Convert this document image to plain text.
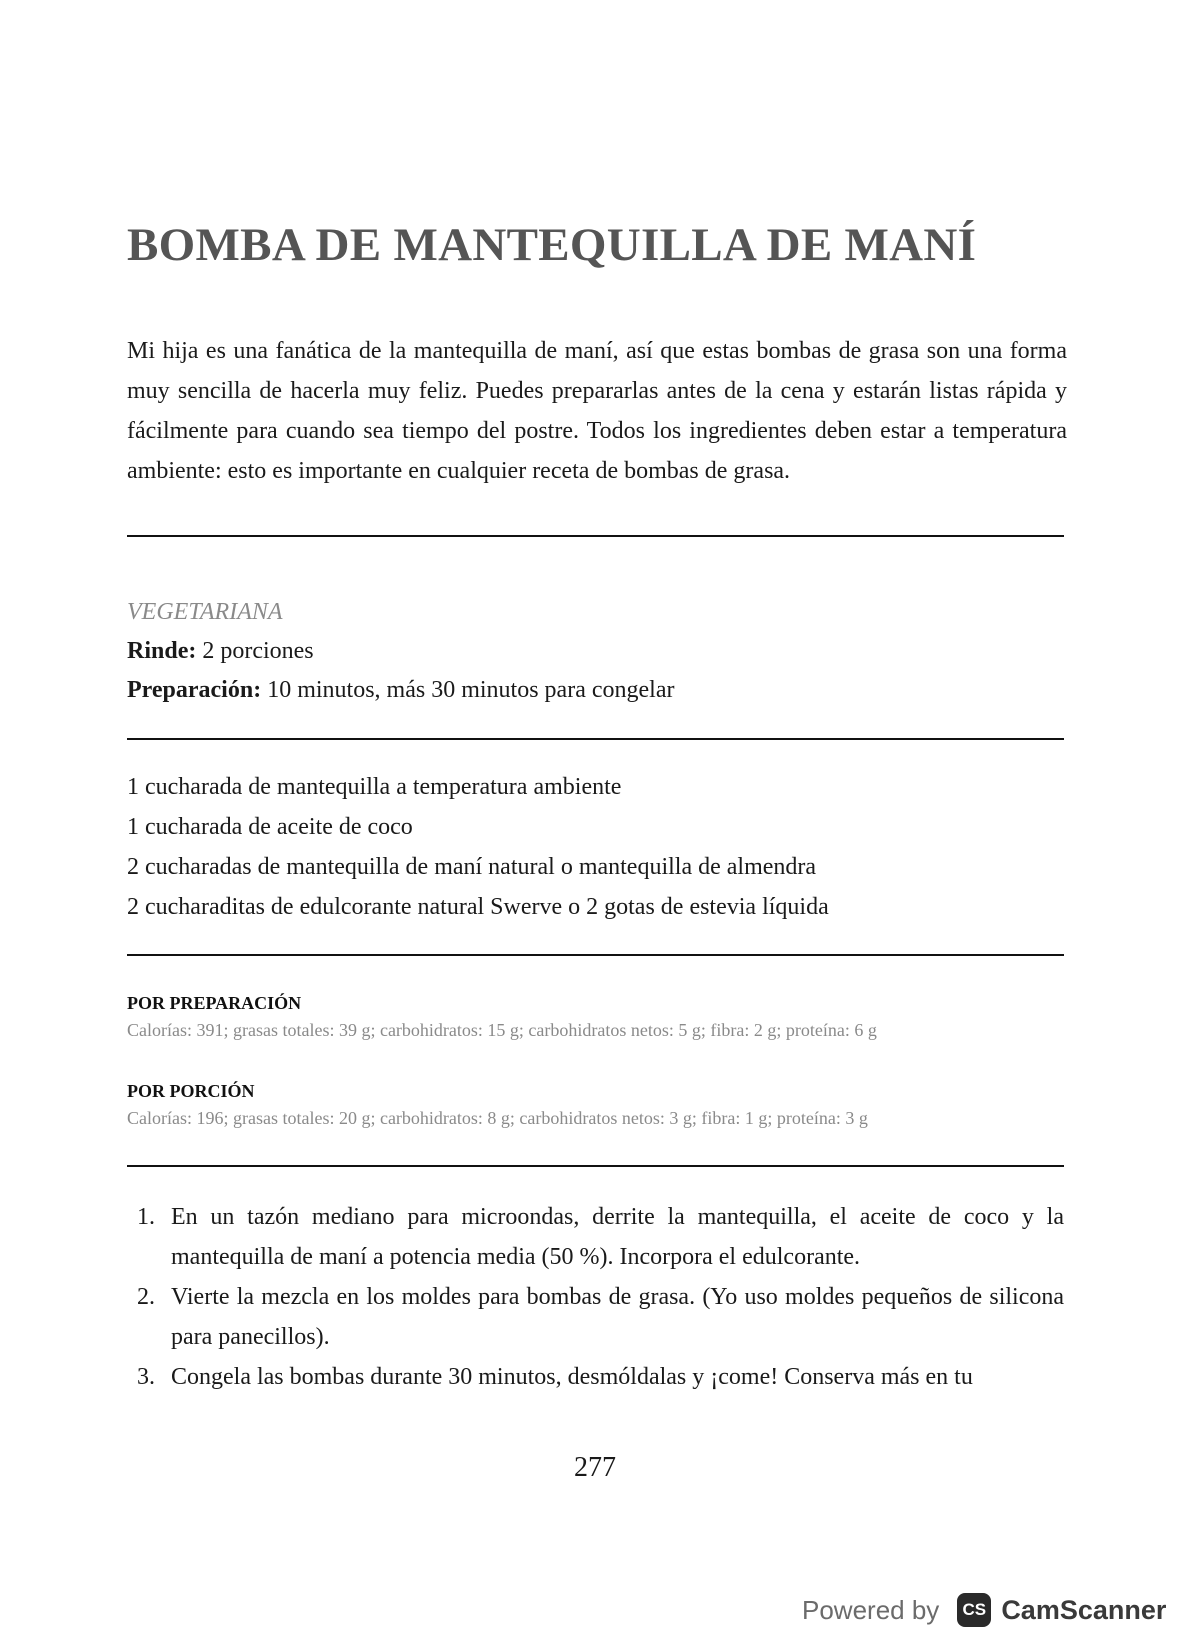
BOMBA DE MANTEQUILLA DE MANÍ

Mi hija es una fanática de la mantequilla de maní, así que estas bombas de grasa son una forma muy sencilla de hacerla muy feliz. Puedes prepararlas antes de la cena y estarán listas rápida y fácilmente para cuando sea tiempo del postre. Todos los ingredientes deben estar a temperatura ambiente: esto es importante en cualquier receta de bombas de grasa.

VEGETARIANA
Rinde: 2 porciones
Preparación: 10 minutos, más 30 minutos para congelar
1 cucharada de mantequilla a temperatura ambiente
1 cucharada de aceite de coco
2 cucharadas de mantequilla de maní natural o mantequilla de almendra
2 cucharaditas de edulcorante natural Swerve o 2 gotas de estevia líquida
POR PREPARACIÓN
Calorías: 391; grasas totales: 39 g; carbohidratos: 15 g; carbohidratos netos: 5 g; fibra: 2 g; proteína: 6 g
POR PORCIÓN
Calorías: 196; grasas totales: 20 g; carbohidratos: 8 g; carbohidratos netos: 3 g; fibra: 1 g; proteína: 3 g
1. En un tazón mediano para microondas, derrite la mantequilla, el aceite de coco y la mantequilla de maní a potencia media (50 %). Incorpora el edulcorante.
2. Vierte la mezcla en los moldes para bombas de grasa. (Yo uso moldes pequeños de silicona para panecillos).
3. Congela las bombas durante 30 minutos, desmóldalas y ¡come! Conserva más en tu
277
Powered by	CS CamScanner
